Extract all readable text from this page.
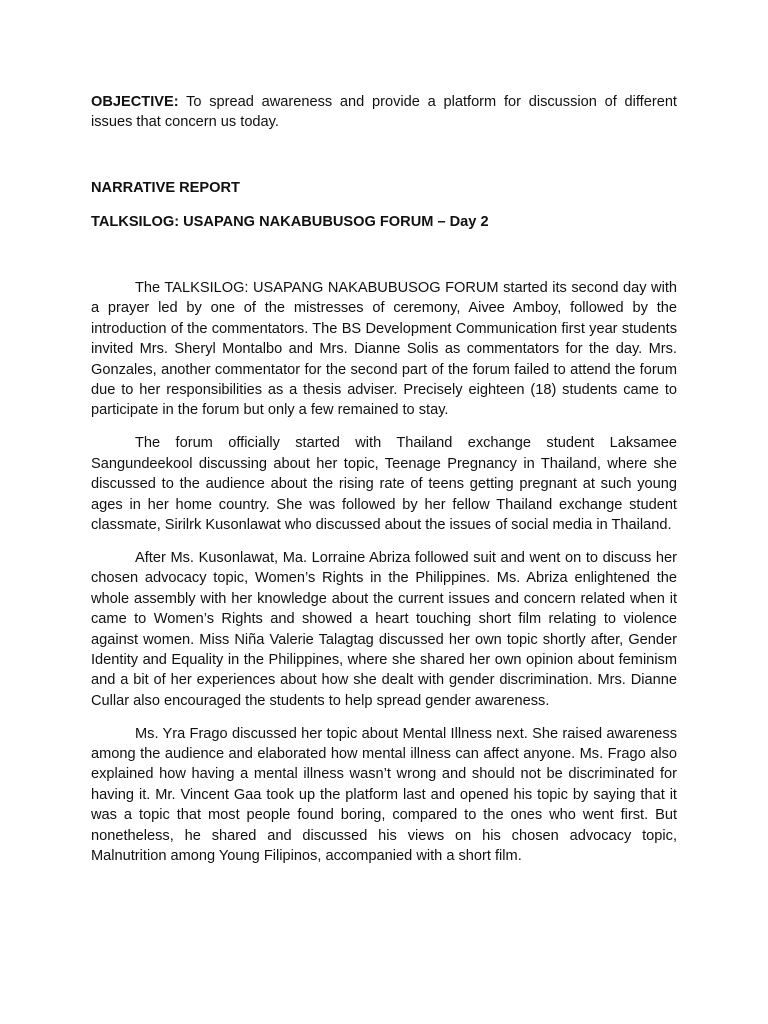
OBJECTIVE: To spread awareness and provide a platform for discussion of different issues that concern us today.

NARRATIVE REPORT
TALKSILOG: USAPANG NAKABUBUSOG FORUM – Day 2

The TALKSILOG: USAPANG NAKABUBUSOG FORUM started its second day with a prayer led by one of the mistresses of ceremony, Aivee Amboy, followed by the introduction of the commentators. The BS Development Communication first year students invited Mrs. Sheryl Montalbo and Mrs. Dianne Solis as commentators for the day. Mrs. Gonzales, another commentator for the second part of the forum failed to attend the forum due to her responsibilities as a thesis adviser. Precisely eighteen (18) students came to participate in the forum but only a few remained to stay.

The forum officially started with Thailand exchange student Laksamee Sangundeekool discussing about her topic, Teenage Pregnancy in Thailand, where she discussed to the audience about the rising rate of teens getting pregnant at such young ages in her home country. She was followed by her fellow Thailand exchange student classmate, Sirilrk Kusonlawat who discussed about the issues of social media in Thailand.

After Ms. Kusonlawat, Ma. Lorraine Abriza followed suit and went on to discuss her chosen advocacy topic, Women’s Rights in the Philippines. Ms. Abriza enlightened the whole assembly with her knowledge about the current issues and concern related when it came to Women’s Rights and showed a heart touching short film relating to violence against women. Miss Niña Valerie Talagtag discussed her own topic shortly after, Gender Identity and Equality in the Philippines, where she shared her own opinion about feminism and a bit of her experiences about how she dealt with gender discrimination. Mrs. Dianne Cullar also encouraged the students to help spread gender awareness.

Ms. Yra Frago discussed her topic about Mental Illness next. She raised awareness among the audience and elaborated how mental illness can affect anyone. Ms. Frago also explained how having a mental illness wasn’t wrong and should not be discriminated for having it. Mr. Vincent Gaa took up the platform last and opened his topic by saying that it was a topic that most people found boring, compared to the ones who went first. But nonetheless, he shared and discussed his views on his chosen advocacy topic, Malnutrition among Young Filipinos, accompanied with a short film.
